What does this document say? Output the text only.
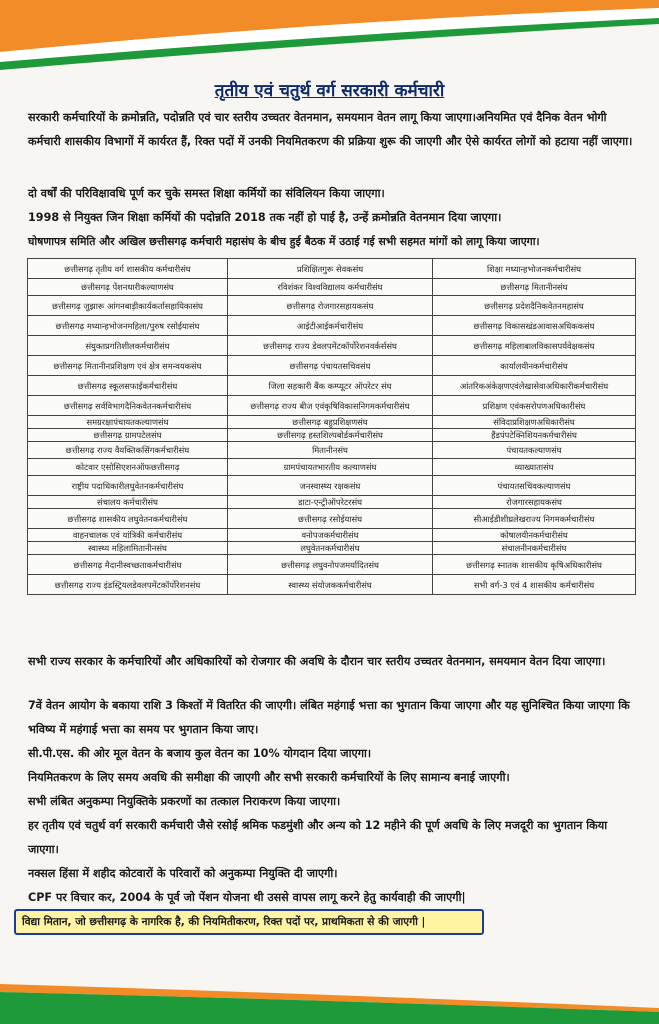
तृतीय एवं चतुर्थ वर्ग सरकारी कर्मचारी

सरकारी कर्मचारियों के क्रमोन्नति, पदोन्नति एवं चार स्तरीय उच्चतर वेतनमान, समयमान वेतन लागू किया जाएगा।अनियमित एवं दैनिक वेतन भोगी कर्मचारी शासकीय विभागों में कार्यरत हैं, रिक्त पदों में उनकी नियमितकरण की प्रक्रिया शुरू की जाएगी और ऐसे कार्यरत लोगों को हटाया नहीं जाएगा।

दो वर्षों की परिविक्षावधि पूर्ण कर चुके समस्त शिक्षा कर्मियों का संविलियन किया जाएगा।

1998 से नियुक्त जिन शिक्षा कर्मियों की पदोन्नति 2018 तक नहीं हो पाई है, उन्हें क्रमोन्नति वेतनमान दिया जाएगा।

घोषणापत्र समिति और अखिल छत्तीसगढ़ कर्मचारी महासंघ के बीच हुई बैठक में उठाई गई सभी सहमत मांगों को लागू किया जाएगा।

छत्तीसगढ़ तृतीय वर्ग शासकीय कर्मचारीसंघ	प्रशिक्षितगुरू सेवकसंघ	शिक्षा मध्यान्हभोजनकर्मचारीसंघ
छत्तीसगढ़ पेंशनधारीकल्याणसंघ	रविशंकर विश्वविद्यालय कर्मचारीसंघ	छत्तीसगढ़ मितानीनसंघ
छत्तीसगढ़ जुझारू आंगनबाड़ीकार्यकर्तासहायिकासंघ	छत्तीसगढ़ रोजगारसहायकसंघ	छत्तीसगढ़ प्रदेशदैनिकवेतनमहासंघ
छत्तीसगढ़ मध्यान्हभोजनमहिला/पुरुष रसोईयासंघ	आईटीआईकर्मचारीसंघ	छत्तीसगढ़ विकासखंडआवासअधिककसंघ
संयुक्तप्रगतिशीलकर्मचारीसंघ	छत्तीसगढ़ राज्य डेवलपमेंटकॉर्पोरेशनवर्कर्ससंघ	छत्तीसगढ़ महिलाबालविकासपर्यवेक्षकसंघ
छत्तीसगढ़ मितानीनप्रशिक्षण एवं क्षेत्र समन्वयकसंघ	छत्तीसगढ़ पंचायतसचिवसंघ	कार्यालयीनकर्मचारीसंघ
छत्तीसगढ़ स्कूलसफाईकर्मचारीसंघ	जिला सहकारी बैंक कम्प्यूटर ऑपरेटर संघ	आंतरिकअंकेक्षणएवंलेखासेवाअधिकारीकर्मचारीसंघ
छत्तीसगढ़ सर्वविभागदैनिकवेतनकर्मचारीसंघ	छत्तीसगढ़ राज्य बीज एवंकृषिविकासनिगमकर्मचारीसंघ	प्रशिक्षण एवंकसरोपणअधिकारीसंघ
समग्ररक्षापंचायतकल्याणसंघ	छत्तीसगढ़ बहुप्रशिक्षणसंघ	संविदाप्रशिक्षणअधिकारीसंघ
छत्तीसगढ़ ग्रामपटेलसंघ	छत्तीसगढ़ हस्तशिल्पबोर्डकर्मचारीसंघ	हैंडपंपटेक्निशियनकर्मचारीसंघ
छत्तीसगढ़ राज्य वैयक्तिकसिंगकर्मचारीसंघ	मितानीनसंघ	पंचायतकल्याणसंघ
कोटवार एसोसिएशनऑफछत्तीसगढ़	ग्रामपंचायतभारतीय कल्याणसंघ	व्याख्यातासंघ
राष्ट्रीय पदाधिकारीलघुवेतनकर्मचारीसंघ	जनस्वास्थ्य रक्षकसंघ	पंचायतसचिवकल्याणसंघ
संचालय कर्मचारीसंघ	डाटा-एन्ट्रीऑपरेटरसंघ	रोजगारसहायकसंघ
छत्तीसगढ़ शासकीय लघुवेतनकर्मचारीसंघ	छत्तीसगढ़ रसोईयासंघ	सीआईडीशीघ्रलेखराज्य निगमकर्मचारीसंघ
वाहनचालक एवं यांत्रिकी कर्मचारीसंघ	वनोपजकर्मचारीसंघ	कोषालयीनकर्मचारीसंघ
स्वास्थ्य महिलामितानीनसंघ	लघुवेतनकर्मचारीसंघ	संचालनीनकर्मचारीसंघ
छत्तीसगढ़ मैदानीस्वच्छताकर्मचारीसंघ	छत्तीसगढ़ लघुवनोपजमर्यादितसंघ	छत्तीसगढ़ स्नातक शासकीय कृषिअधिकारीसंघ
छत्तीसगढ़ राज्य इंडस्ट्रियलडेवलपमेंटकॉर्पोरेशनसंघ	स्वास्थ्य संयोजककर्मचारीसंघ	सभी वर्ग-3 एवं 4 शासकीय कर्मचारीसंघ

सभी राज्य सरकार के कर्मचारियों और अधिकारियों को रोजगार की अवधि के दौरान चार स्तरीय उच्चतर वेतनमान, समयमान वेतन दिया जाएगा।

7वें वेतन आयोग के बकाया राशि 3 किश्तों में वितरित की जाएगी। लंबित महंगाई भत्ता का भुगतान किया जाएगा और यह सुनिश्चित किया जाएगा कि भविष्य में महंगाई भत्ता का समय पर भुगतान किया जाए।

सी.पी.एस. की ओर मूल वेतन के बजाय कुल वेतन का 10% योगदान दिया जाएगा।

नियमितकरण के लिए समय अवधि की समीक्षा की जाएगी और सभी सरकारी कर्मचारियों के लिए सामान्य बनाई जाएगी।

सभी लंबित अनुकम्पा नियुक्तिके प्रकरणों का तत्काल निराकरण किया जाएगा।

हर तृतीय एवं चतुर्थ वर्ग सरकारी कर्मचारी जैसे रसोई श्रमिक फडमुंशी और अन्य को 12 महीने की पूर्ण अवधि के लिए मजदूरी का भुगतान किया जाएगा।

नक्सल हिंसा में शहीद कोटवारों के परिवारों को अनुकम्पा नियुक्ति दी जाएगी।

CPF पर विचार कर, 2004 के पूर्व जो पेंशन योजना थी उससे वापस लागू करने हेतु कार्यवाही की जाएगी|

विद्या मितान, जो छत्तीसगढ़ के नागरिक है, की नियमितीकरण, रिक्त पदों पर, प्राथमिकता से की जाएगी |
